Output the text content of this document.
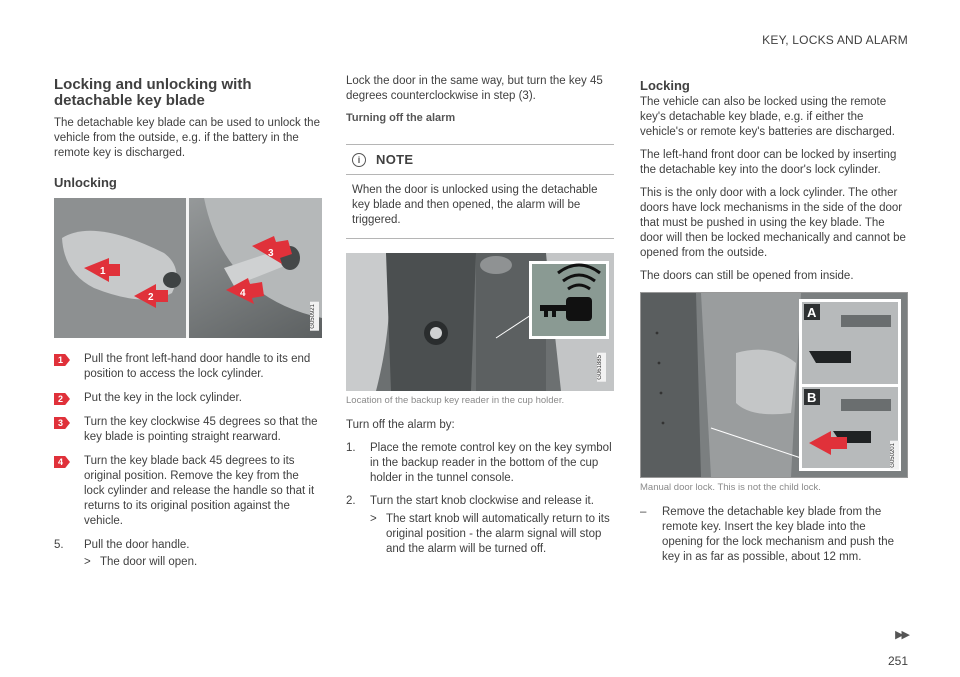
KEY, LOCKS AND ALARM
Locking and unlocking with detachable key blade

The detachable key blade can be used to unlock the vehicle from the outside, e.g. if the battery in the remote key is discharged.

Unlocking
1
2
3
4
G050921
1 Pull the front left-hand door handle to its end position to access the lock cylinder.
2 Put the key in the lock cylinder.
3 Turn the key clockwise 45 degrees so that the key blade is pointing straight rearward.
4 Turn the key blade back 45 degrees to its original position. Remove the key from the lock cylinder and release the handle so that it returns to its original position against the vehicle.
5.	Pull the door handle.
> The door will open.

Lock the door in the same way, but turn the key 45 degrees counterclockwise in step (3).

Turning off the alarm
i	NOTE

When the door is unlocked using the detachable key blade and then opened, the alarm will be triggered.

G061885
Location of the backup key reader in the cup holder.

Turn off the alarm by:

1.	Place the remote control key on the key symbol in the backup reader in the bottom of the cup holder in the tunnel console.
2.	Turn the start knob clockwise and release it.
> The start knob will automatically return to its original position - the alarm signal will stop and the alarm will be turned off.
Locking

The vehicle can also be locked using the remote key's detachable key blade, e.g. if either the vehicle's or remote key's batteries are discharged.

The left-hand front door can be locked by inserting the detachable key into the door's lock cylinder.

This is the only door with a lock cylinder. The other doors have lock mechanisms in the side of the door that must be pushed in using the key blade. The door will then be locked mechanically and cannot be opened from the outside.

The doors can still be opened from inside.

A
B
G050201
Manual door lock. This is not the child lock.
–	Remove the detachable key blade from the remote key. Insert the key blade into the opening for the lock mechanism and push the key in as far as possible, about 12 mm.
▶▶
251
